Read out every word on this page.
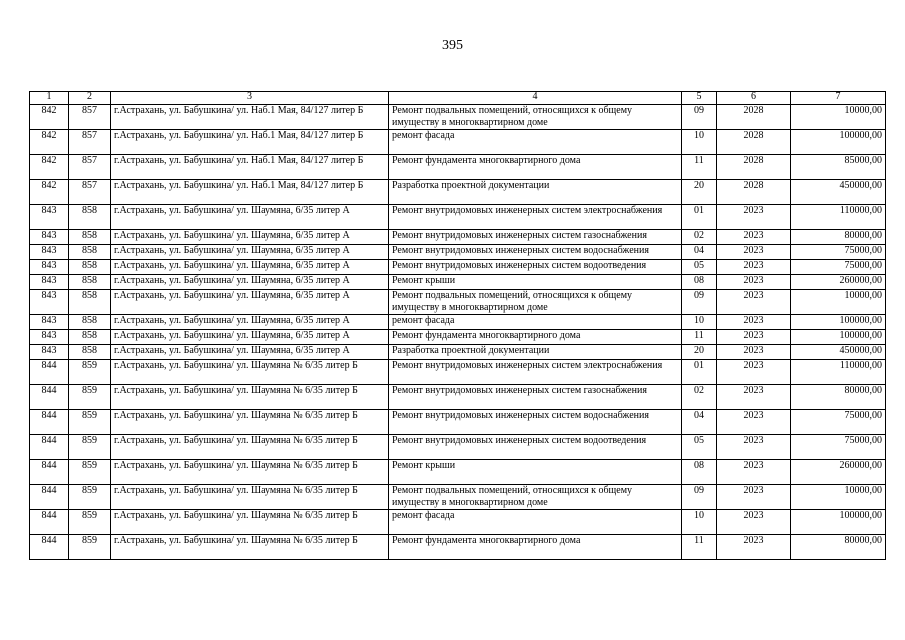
395
1	2	3	4	5	6	7
842	857	г.Астрахань, ул. Бабушкина/ ул. Наб.1 Мая, 84/127 литер Б	Ремонт подвальных помещений, относящихся к общему имуществу в многоквартирном доме	09	2028	10000,00
842	857	г.Астрахань, ул. Бабушкина/ ул. Наб.1 Мая, 84/127 литер Б	ремонт фасада	10	2028	100000,00
842	857	г.Астрахань, ул. Бабушкина/ ул. Наб.1 Мая, 84/127 литер Б	Ремонт фундамента многоквартирного дома	11	2028	85000,00
842	857	г.Астрахань, ул. Бабушкина/ ул. Наб.1 Мая, 84/127 литер Б	Разработка проектной документации	20	2028	450000,00
843	858	г.Астрахань, ул. Бабушкина/ ул. Шаумяна, 6/35 литер А	Ремонт внутридомовых инженерных систем электроснабжения	01	2023	110000,00
843	858	г.Астрахань, ул. Бабушкина/ ул. Шаумяна, 6/35 литер А	Ремонт внутридомовых инженерных систем газоснабжения	02	2023	80000,00
843	858	г.Астрахань, ул. Бабушкина/ ул. Шаумяна, 6/35 литер А	Ремонт внутридомовых инженерных систем водоснабжения	04	2023	75000,00
843	858	г.Астрахань, ул. Бабушкина/ ул. Шаумяна, 6/35 литер А	Ремонт внутридомовых инженерных систем водоотведения	05	2023	75000,00
843	858	г.Астрахань, ул. Бабушкина/ ул. Шаумяна, 6/35 литер А	Ремонт крыши	08	2023	260000,00
843	858	г.Астрахань, ул. Бабушкина/ ул. Шаумяна, 6/35 литер А	Ремонт подвальных помещений, относящихся к общему имуществу в многоквартирном доме	09	2023	10000,00
843	858	г.Астрахань, ул. Бабушкина/ ул. Шаумяна, 6/35 литер А	ремонт фасада	10	2023	100000,00
843	858	г.Астрахань, ул. Бабушкина/ ул. Шаумяна, 6/35 литер А	Ремонт фундамента многоквартирного дома	11	2023	100000,00
843	858	г.Астрахань, ул. Бабушкина/ ул. Шаумяна, 6/35 литер А	Разработка проектной документации	20	2023	450000,00
844	859	г.Астрахань, ул. Бабушкина/ ул. Шаумяна № 6/35 литер Б	Ремонт внутридомовых инженерных систем электроснабжения	01	2023	110000,00
844	859	г.Астрахань, ул. Бабушкина/ ул. Шаумяна № 6/35 литер Б	Ремонт внутридомовых инженерных систем газоснабжения	02	2023	80000,00
844	859	г.Астрахань, ул. Бабушкина/ ул. Шаумяна № 6/35 литер Б	Ремонт внутридомовых инженерных систем водоснабжения	04	2023	75000,00
844	859	г.Астрахань, ул. Бабушкина/ ул. Шаумяна № 6/35 литер Б	Ремонт внутридомовых инженерных систем водоотведения	05	2023	75000,00
844	859	г.Астрахань, ул. Бабушкина/ ул. Шаумяна № 6/35 литер Б	Ремонт крыши	08	2023	260000,00
844	859	г.Астрахань, ул. Бабушкина/ ул. Шаумяна № 6/35 литер Б	Ремонт подвальных помещений, относящихся к общему имуществу в многоквартирном доме	09	2023	10000,00
844	859	г.Астрахань, ул. Бабушкина/ ул. Шаумяна № 6/35 литер Б	ремонт фасада	10	2023	100000,00
844	859	г.Астрахань, ул. Бабушкина/ ул. Шаумяна № 6/35 литер Б	Ремонт фундамента многоквартирного дома	11	2023	80000,00
